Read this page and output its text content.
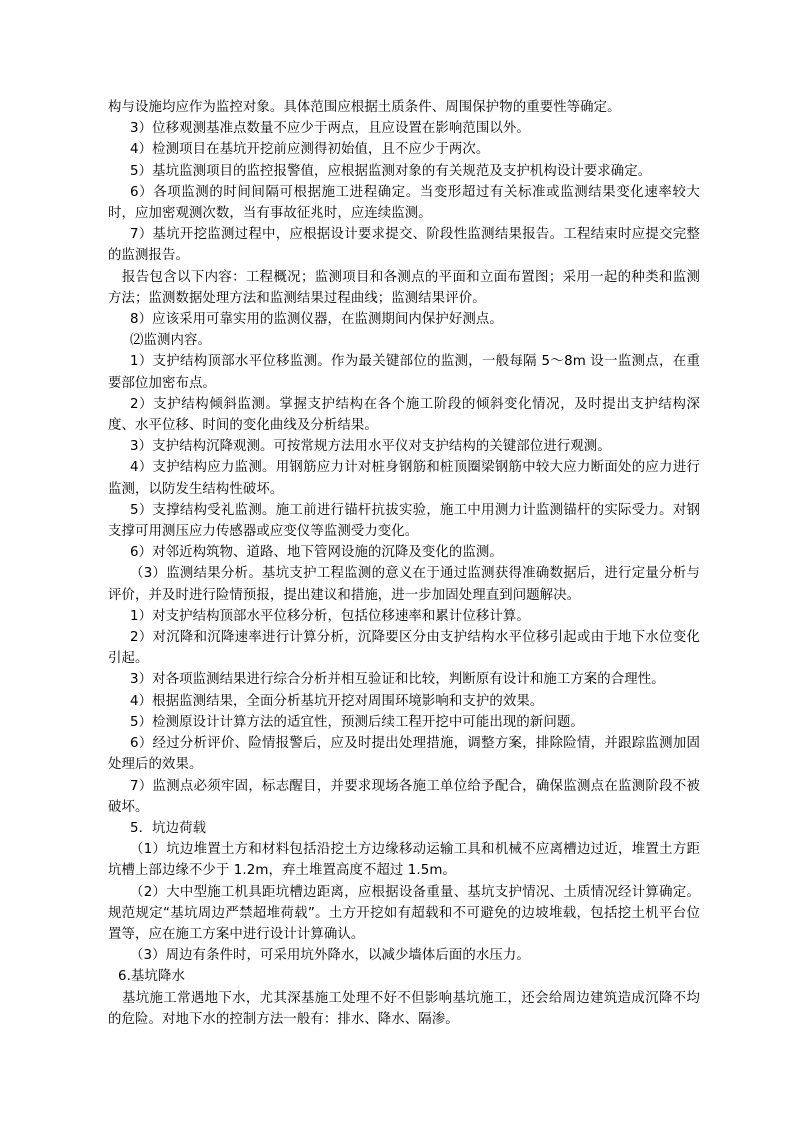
构与设施均应作为监控对象。具体范围应根据土质条件、周围保护物的重要性等确定。

3）位移观测基准点数量不应少于两点，且应设置在影响范围以外。

4）检测项目在基坑开挖前应测得初始值，且不应少于两次。

5）基坑监测项目的监控报警值，应根据监测对象的有关规范及支护机构设计要求确定。

6）各项监测的时间间隔可根据施工进程确定。当变形超过有关标准或监测结果变化速率较大时，应加密观测次数，当有事故征兆时，应连续监测。

7）基坑开挖监测过程中，应根据设计要求提交、阶段性监测结果报告。工程结束时应提交完整的监测报告。

报告包含以下内容：工程概况；监测项目和各测点的平面和立面布置图；采用一起的种类和监测方法；监测数据处理方法和监测结果过程曲线；监测结果评价。

8）应该采用可靠实用的监测仪器，在监测期间内保护好测点。

⑵监测内容。

1）支护结构顶部水平位移监测。作为最关键部位的监测，一般每隔 5～8m 设一监测点，在重要部位加密布点。

2）支护结构倾斜监测。掌握支护结构在各个施工阶段的倾斜变化情况，及时提出支护结构深度、水平位移、时间的变化曲线及分析结果。

3）支护结构沉降观测。可按常规方法用水平仪对支护结构的关键部位进行观测。

4）支护结构应力监测。用钢筋应力计对桩身钢筋和桩顶圈梁钢筋中较大应力断面处的应力进行监测，以防发生结构性破坏。

5）支撑结构受礼监测。施工前进行锚杆抗拔实验，施工中用测力计监测锚杆的实际受力。对钢支撑可用测压应力传感器或应变仪等监测受力变化。

6）对邻近构筑物、道路、地下管网设施的沉降及变化的监测。

（3）监测结果分析。基坑支护工程监测的意义在于通过监测获得准确数据后，进行定量分析与评价，并及时进行险情预报，提出建议和措施，进一步加固处理直到问题解决。

1）对支护结构顶部水平位移分析，包括位移速率和累计位移计算。

2）对沉降和沉降速率进行计算分析，沉降要区分由支护结构水平位移引起或由于地下水位变化引起。

3）对各项监测结果进行综合分析并相互验证和比较，判断原有设计和施工方案的合理性。

4）根据监测结果，全面分析基坑开挖对周围环境影响和支护的效果。

5）检测原设计计算方法的适宜性，预测后续工程开挖中可能出现的新问题。

6）经过分析评价、险情报警后，应及时提出处理措施，调整方案，排除险情，并跟踪监测加固处理后的效果。

7）监测点必须牢固，标志醒目，并要求现场各施工单位给予配合，确保监测点在监测阶段不被破坏。

5．坑边荷载

（1）坑边堆置土方和材料包括沿挖土方边缘移动运输工具和机械不应离槽边过近，堆置土方距坑槽上部边缘不少于 1.2m，弃土堆置高度不超过 1.5m。

（2）大中型施工机具距坑槽边距离，应根据设备重量、基坑支护情况、土质情况经计算确定。规范规定“基坑周边严禁超堆荷载”。土方开挖如有超载和不可避免的边坡堆载，包括挖土机平台位置等，应在施工方案中进行设计计算确认。

（3）周边有条件时，可采用坑外降水，以减少墙体后面的水压力。

6.基坑降水

基坑施工常遇地下水，尤其深基施工处理不好不但影响基坑施工，还会给周边建筑造成沉降不均的危险。对地下水的控制方法一般有：排水、降水、隔渗。
